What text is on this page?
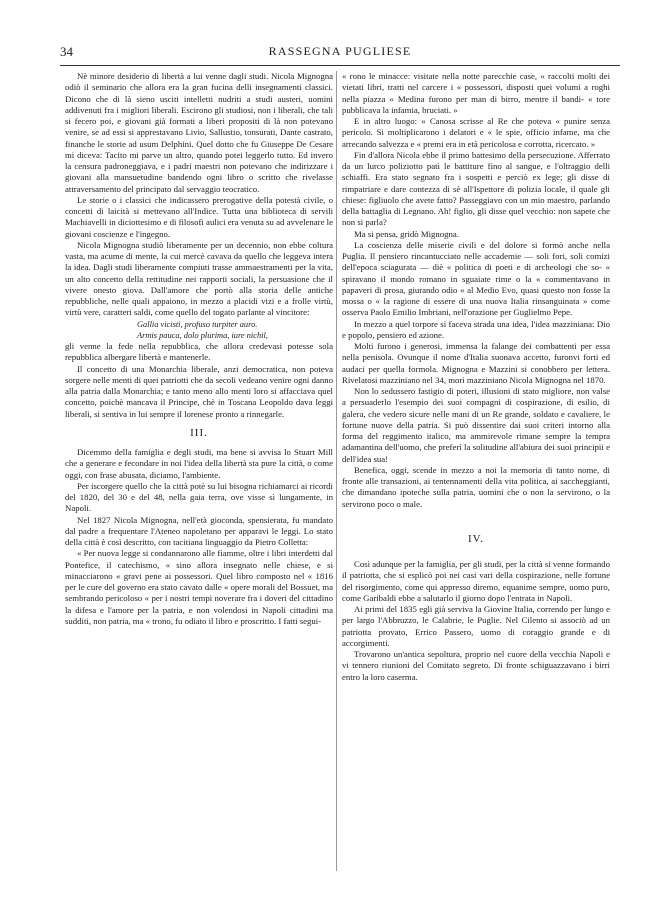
34	RASSEGNA PUGLIESE

Nè minore desiderio di libertà a lui venne dagli studi. Nicola Mignogna odiò il seminario che allora era la gran fucina delli insegnamenti classici. Dicono che di là sieno usciti intelletti nudriti a studi austeri, uomini addivenuti fra i migliori liberali. Escirono gli studiosi, non i liberali, che tali si fecero poi, e giovani già formati a liberi propositi di là non potevano venire, se ad essi si apprestavano Livio, Sallustio, tonsurati, Dante castrato, finanche le storie ad usum Delphini. Quel dotto che fu Giuseppe De Cesare mi diceva: Tacito mi parve un altro, quando potei leggerlo tutto. Ed invero la censura padroneggiava, e i padri maestri non potevano che indirizzare i giovani alla mansuetudine bandendo ogni libro o scritto che rivelasse attraversamento del principato dal servaggio teocratico.

Le storie o i classici che indicassero prerogative della potestà civile, o concetti di laicità si mettevano all'Indice. Tutta una biblioteca di servili Machiavelli in diciottesimo e di filosofi aulici era venuta su ad avvelenare le giovani coscienze e l'ingegno.

Nicola Mignogna studiò liberamente per un decennio, non ebbe coltura vasta, ma acume di mente, la cui mercè cavava da quello che leggeva intera la idea. Dagli studi liberamente compiuti trasse ammaestramenti per la vita, un alto concetto della rettitudine nei rapporti sociali, la persuasione che il vivere onesto giova. Dall'amore che portò alla storia delle antiche repubbliche, nelle quali appaiono, in mezzo a placidi vizi e a frolle virtù, virtù vere, caratteri saldi, come quello del togato parlante al vincitore:

Gallia vicisti, profuso turpiter auro.
Armis pauca, dolo plurima, iure nichil,

gli venne la fede nella repubblica, che allora credevasi potesse sola repubblica albergare libertà e mantenerle.

Il concetto di una Monarchia liberale, anzi democratica, non poteva sorgere nelle menti di quei patriotti che da secoli vedeano venire ogni danno alla patria dalla Monarchia; e tanto meno allo menti loro si affacciava quel concetto, poichè mancava il Principe, chè in Toscana Leopoldo dava leggi liberali, si sentiva in lui sempre il lorenese pronto a rinnegarle.

III.

Dicemmo della famiglia e degli studi, ma bene si avvisa lo Stuart Mill che a generare e fecondare in noi l'idea della libertà sta pure la città, o come oggi, con frase abusata, diciamo, l'ambiente.

Per iscorgere quello che la città potè su lui bisogna richiamarci ai ricordi del 1820, del 30 e del 48, nella gaia terra, ove visse sì lungamente, in Napoli.

Nel 1827 Nicola Mignogna, nell'età gioconda, spensierata, fu mandato dal padre a frequentare l'Ateneo napoletano per apparavi le leggi. Lo stato della città è così descritto, con tacitiana linguaggio da Pietro Colletta:

« Per nuova legge si condannarono alle fiamme, oltre i libri interdetti dal Pontefice, il catechismo, « sino allora insegnato nelle chiese, e si minacciarono « gravi pene ai possessori. Quel libro composto nel « 1816 per le cure del governo era stato cavato dalle « opere morali del Bossuet, ma sembrando pericoloso « per i nostri tempi noverare fra i doveri del cittadino la difesa e l'amore per la patria, e non volendosi in Napoli cittadini ma sudditi, non patria, ma « trono, fu odiato il libro e proscritto. I fatti segui-

« rono le minacce: visitate nella notte parecchie case, « raccolti molti dei vietati libri, tratti nel carcere i « possessori, disposti quei volumi a roghi nella piazza « Medina furono per man di birro, mentre il bandi- « tore pubblicava la infamia, bruciati. »

E in altro luogo: « Canosa scrisse al Re che poteva « punire senza pericolo. Si moltiplicarono i delatori e « le spie, officio infame, ma che arrecando salvezza e « premi era in età pericolosa e corrotta, ricercato. »

Fin d'allora Nicola ebbe il primo battesimo della persecuzione. Afferrato da un lurco poliziotto patì le battiture fino al sangue, e l'oltraggio delli schiaffi. Era stato segnato fra i sospetti e perciò ex lege; gli disse di rimpatriare e dare contezza di sè all'Ispettore di polizia locale, il quale gli chiese: figliuolo che avete fatto? Passeggiavo con un mio maestro, parlando della battaglia di Legnano. Ah! figlio, gli disse quel vecchio: non sapete che non si parla?

Ma si pensa, gridò Mignogna.

La coscienza delle miserie civili e del dolore si formò anche nella Puglia. Il pensiero rincantucciato nelle accademie — soli fori, soli comizi dell'epoca sciagurata — diè « politica di poeti e di archeologi che so- « spiravano il mondo romano in sguaiate rime o la « commentavano in papaveri di prosa, giurando odio « al Medio Evo, quasi questo non fosse la mossa o « la ragione di essere di una nuova Italia rinsanguinata » come osserva Paolo Emilio Imbriani, nell'orazione per Guglielmo Pepe.

In mezzo a quel torpore si faceva strada una idea, l'idea mazziniana: Dio e popolo, pensiero ed azione.

Molti furono i generosi, immensa la falange dei combattenti per essa nella penisola. Ovunque il nome d'Italia suonava accetto, furonvi forti ed audaci per quella formola. Mignogna e Mazzini si conobbero per lettera. Rivelatosi mazziniano nel 34, morì mazziniano Nicola Mignogna nel 1870.

Non lo sedussero fastigio di poteri, illusioni di stato migliore, non valse a persuaderlo l'esempio dei suoi compagni di cospirazione, di esilio, di galera, che vedero sicure nelle mani di un Re grande, soldato e cavaliere, le fortune nuove della patria. Si può dissentire dai suoi criteri intorno alla forma del reggimento italico, ma ammirevole rimane sempre la tempra adamantina dell'uomo, che preferì la solitudine all'abiura dei suoi principii e dell'idea sua!

Benefica, oggi, scende in mezzo a noi la memoria di tanto nome, di fronte alle transazioni, ai tentennamenti della vita politica, ai saccheggianti, che dimandano ipoteche sulla patria, uomini che o non la servirono, o la servirono poco o male.

IV.

Così adunque per la famiglia, per gli studi, per la città si venne formando il patriotta, che si esplicò poi nei casi vari della cospirazione, nelle fortune del risorgimento, come qui appresso diremo, equanime sempre, uomo puro, come Garibaldi ebbe a salutarlo il giorno dopo l'entrata in Napoli.

Ai primi del 1835 egli già serviva la Giovine Italia, correndo per lungo e per largo l'Abbruzzo, le Calabrie, le Puglie. Nel Cilento si associò ad un patriotta provato, Errico Passero, uomo di coraggio grande e di accorgimenti.

Trovarono un'antica sepoltura, proprio nel cuore della vecchia Napoli e vi tennero riunioni del Comitato segreto. Di fronte schiguazzavano i birri entro la loro caserma.
